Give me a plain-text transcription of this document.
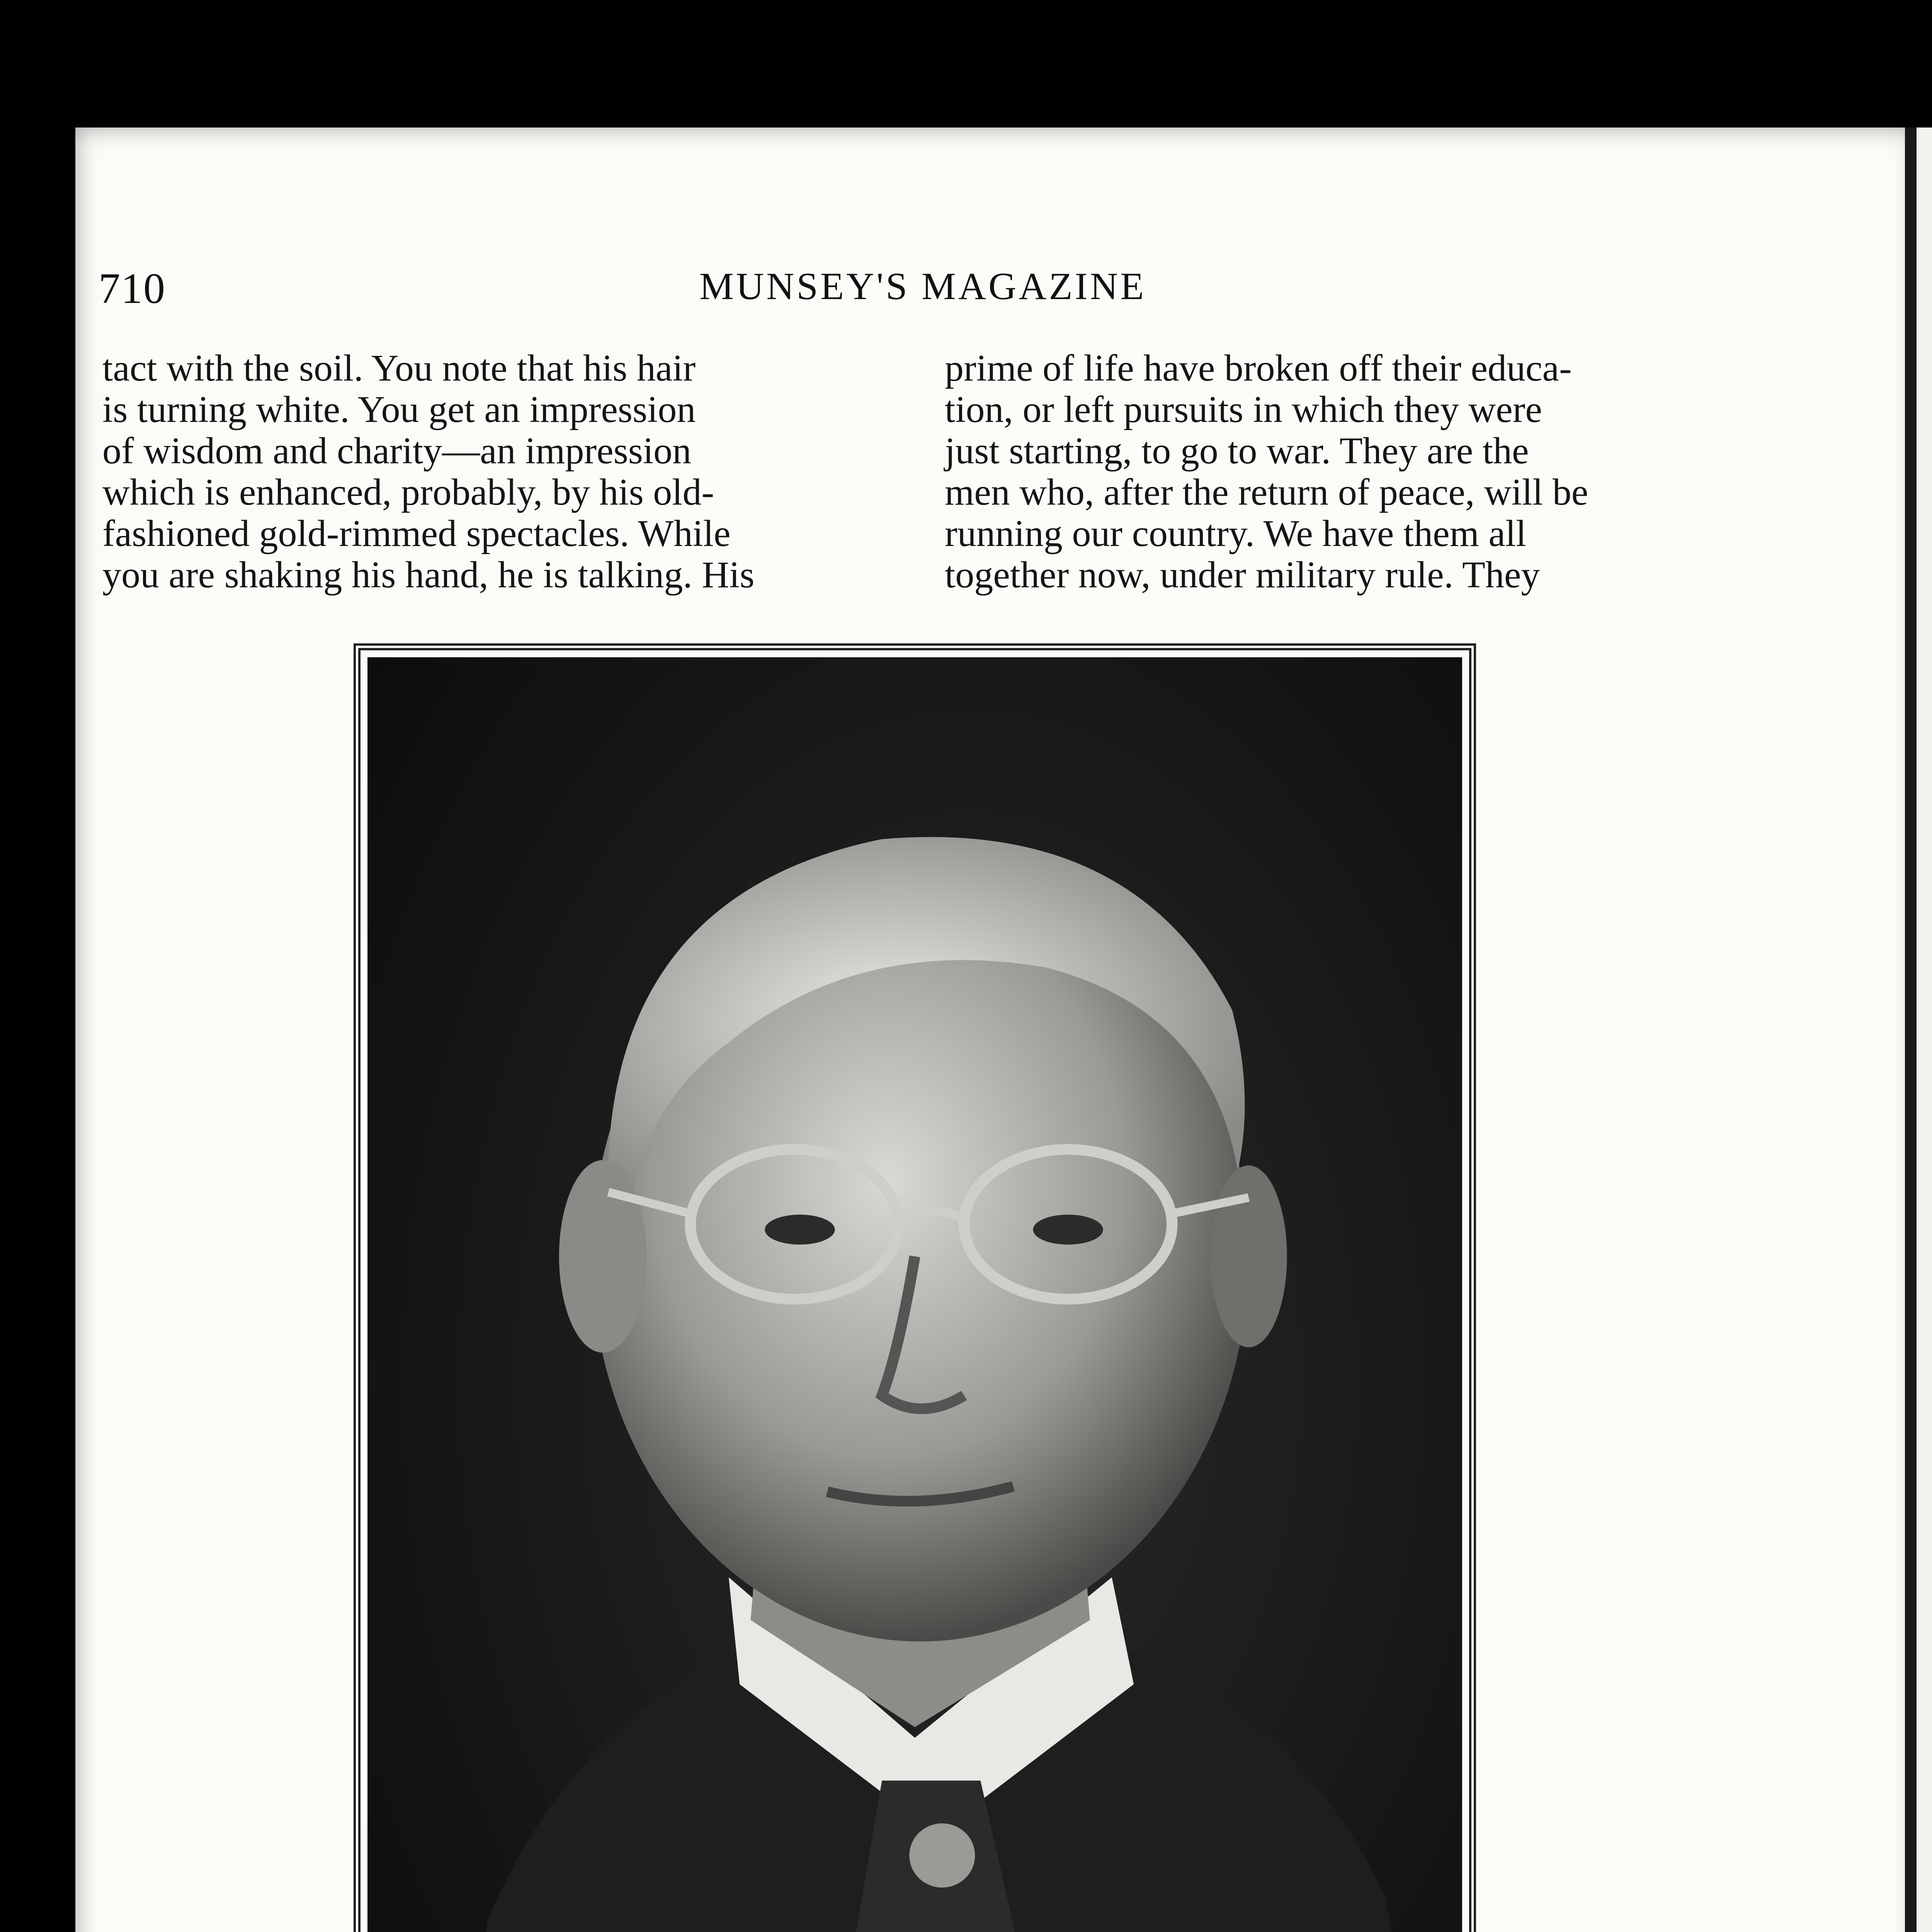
710	MUNSEY'S MAGAZINE
tact with the soil. You note that his hair
is turning white. You get an impression
of wisdom and charity—an impression
which is enhanced, probably, by his old-
fashioned gold-rimmed spectacles. While
you are shaking his hand, he is talking. His
prime of life have broken off their educa-
tion, or left pursuits in which they were
just starting, to go to war. They are the
men who, after the return of peace, will be
running our country. We have them all
together now, under military rule. They
